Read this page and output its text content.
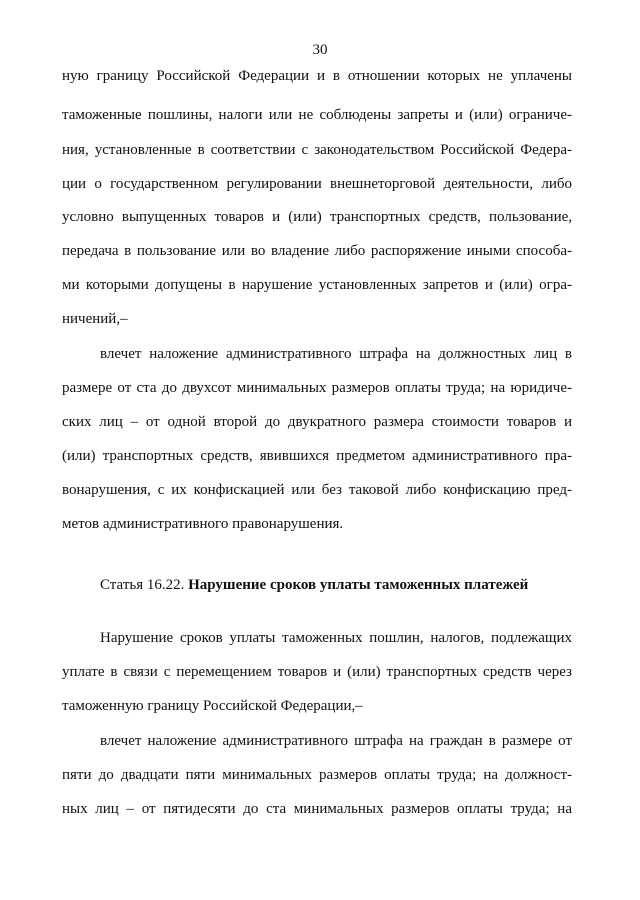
30
ную границу Российской Федерации и в отношении которых не уплачены
таможенные пошлины, налоги или не соблюдены запреты и (или) ограниче-
ния, установленные в соответствии с законодательством Российской Федера-
ции о государственном регулировании внешнеторговой деятельности, либо
условно выпущенных товаров и (или) транспортных средств, пользование,
передача в пользование или во владение либо распоряжение иными способа-
ми которыми допущены в нарушение установленных запретов и (или) огра-
ничений,–
влечет наложение административного штрафа на должностных лиц в
размере от ста до двухсот минимальных размеров оплаты труда; на юридиче-
ских лиц – от одной второй до двукратного размера стоимости товаров и
(или) транспортных средств, явившихся предметом административного пра-
вонарушения, с их конфискацией или без таковой либо конфискацию пред-
метов административного правонарушения.
Статья 16.22. Нарушение сроков уплаты таможенных платежей
Нарушение сроков уплаты таможенных пошлин, налогов, подлежащих
уплате в связи с перемещением товаров и (или) транспортных средств через
таможенную границу Российской Федерации,–
влечет наложение административного штрафа на граждан в размере от
пяти до двадцати пяти минимальных размеров оплаты труда; на должност-
ных лиц – от пятидесяти до ста минимальных размеров оплаты труда; на
